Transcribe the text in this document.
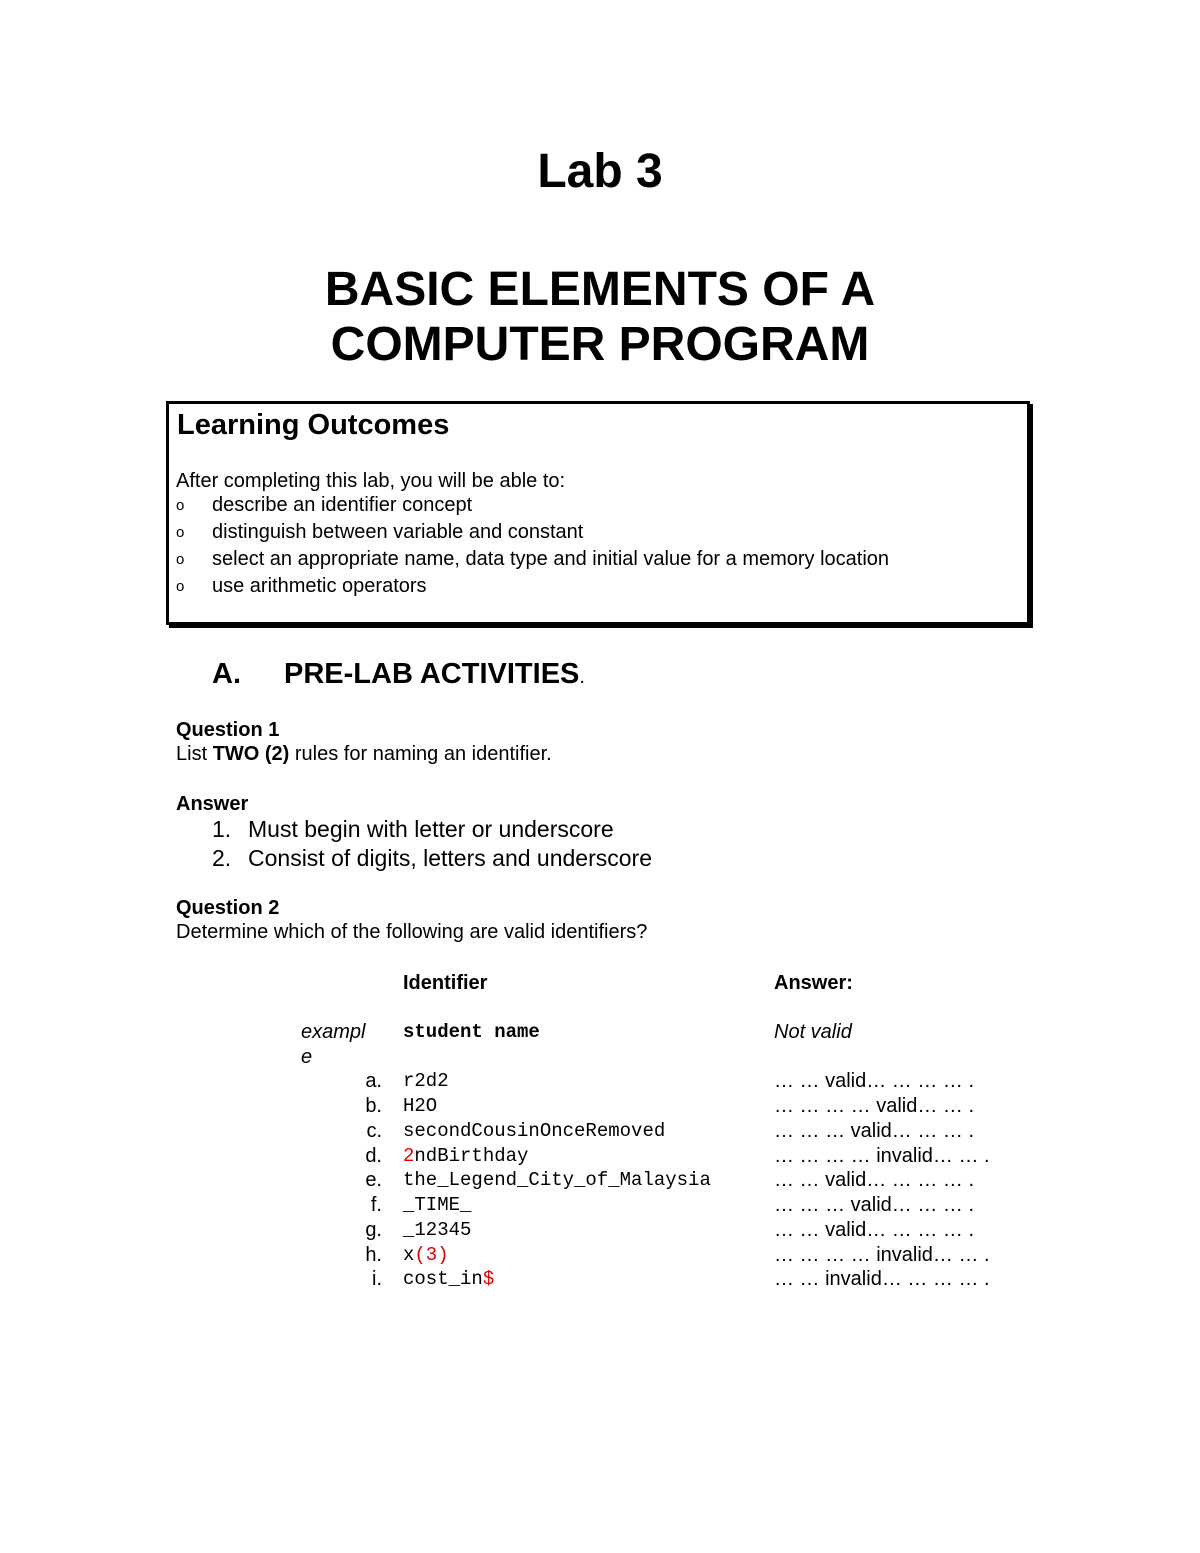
Lab 3
BASIC ELEMENTS OF A
COMPUTER PROGRAM
Learning Outcomes
After completing this lab, you will be able to:
o	describe an identifier concept
o	distinguish between variable and constant
o	select an appropriate name, data type and initial value for a memory location
o	use arithmetic operators
A. PRE-LAB ACTIVITIES.
Question 1
List TWO (2) rules for naming an identifier.
Answer
1. Must begin with letter or underscore
2. Consist of digits, letters and underscore
Question 2
Determine which of the following are valid identifiers?
Identifier	Answer:
exampl
e
student name	Not valid
a. r2d2	… … valid… … … … .
b. H2O	… … … … valid… … .
c. secondCousinOnceRemoved	… … … valid… … … .
d. 2ndBirthday	… … … … invalid… … .
e. the_Legend_City_of_Malaysia	… … valid… … … … .
f. _TIME_	… … … valid… … … .
g. _12345	… … valid… … … … .
h. x(3)	… … … … invalid… … .
i. cost_in$	… … invalid… … … … .
